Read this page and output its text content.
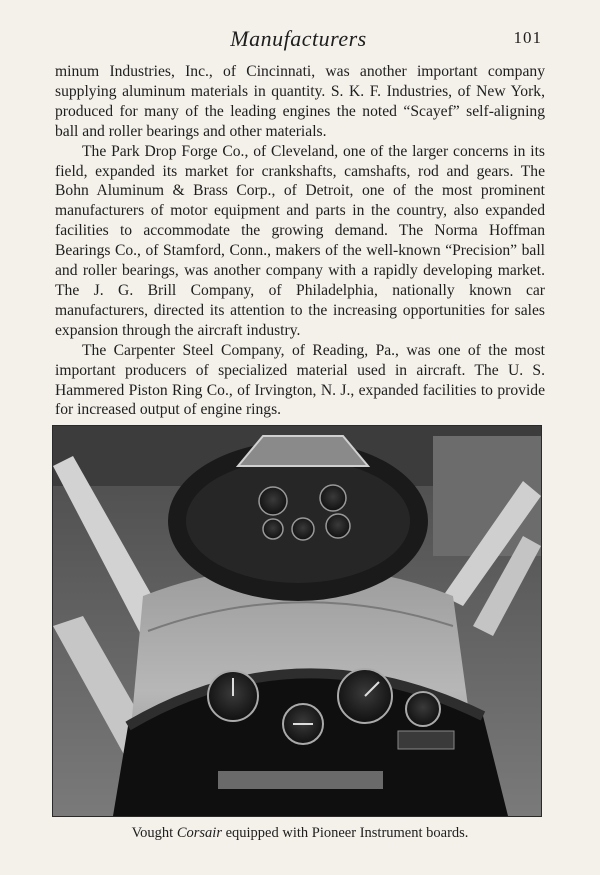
Manufacturers	101

minum Industries, Inc., of Cincinnati, was another important company supplying aluminum materials in quantity. S. K. F. Industries, of New York, produced for many of the leading engines the noted “Scayef” self-aligning ball and roller bearings and other materials.

The Park Drop Forge Co., of Cleveland, one of the larger concerns in its field, expanded its market for crankshafts, camshafts, rod and gears. The Bohn Aluminum & Brass Corp., of Detroit, one of the most prominent manufacturers of motor equipment and parts in the country, also expanded facilities to accommodate the growing demand. The Norma Hoffman Bearings Co., of Stamford, Conn., makers of the well-known “Precision” ball and roller bearings, was another company with a rapidly developing market. The J. G. Brill Company, of Philadelphia, nationally known car manufacturers, directed its attention to the increasing opportunities for sales expansion through the aircraft industry.

The Carpenter Steel Company, of Reading, Pa., was one of the most important producers of specialized material used in aircraft. The U. S. Hammered Piston Ring Co., of Irvington, N. J., expanded facilities to provide for increased output of engine rings.

Vought Corsair equipped with Pioneer Instrument boards.
